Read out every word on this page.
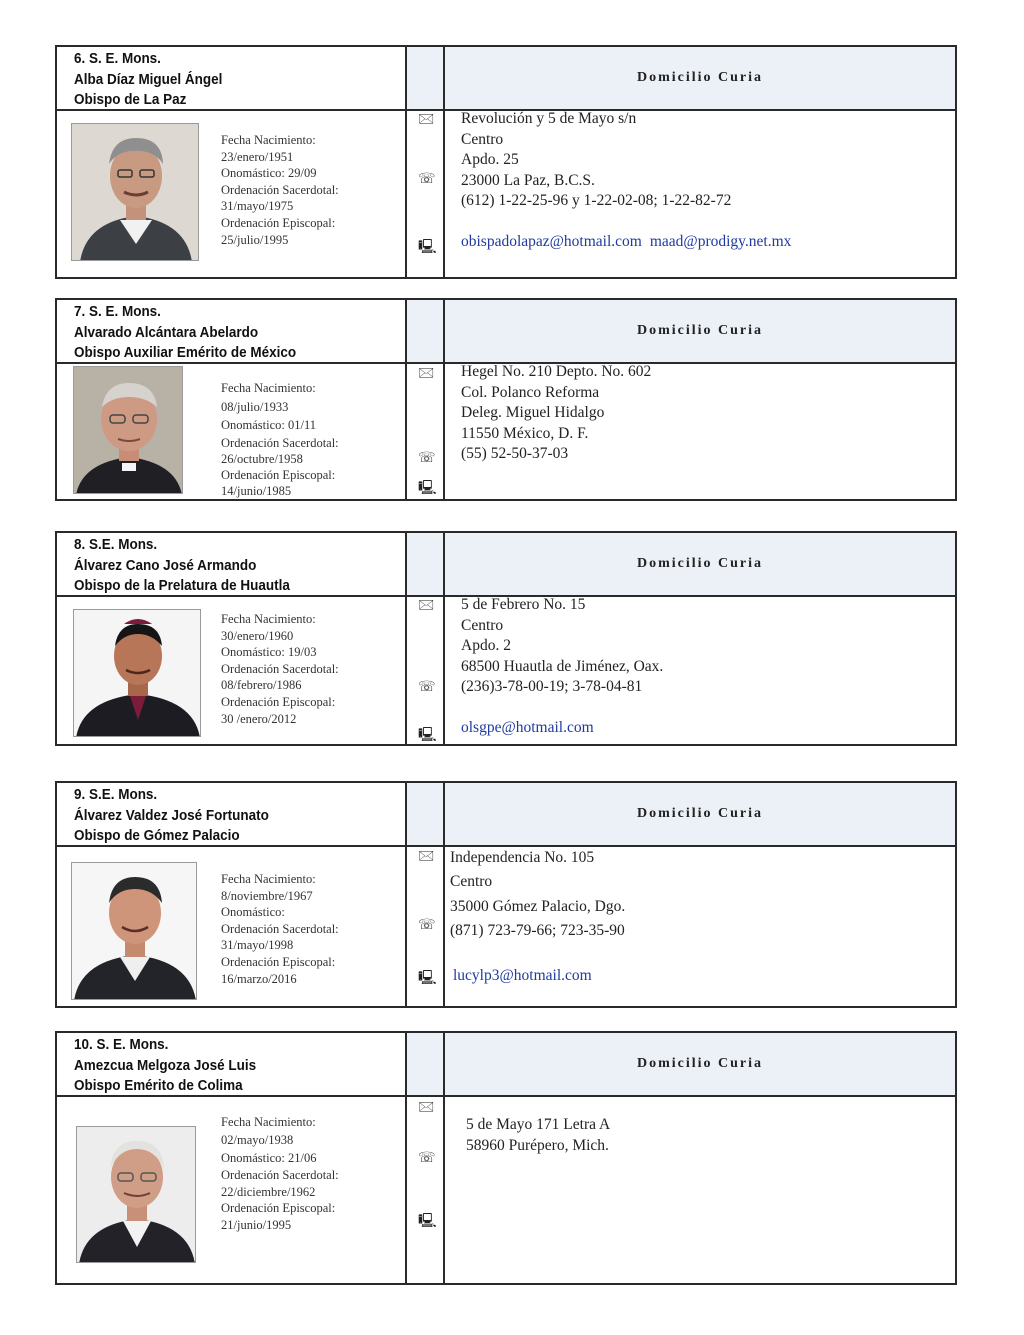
6. S. E. Mons.
Alba Díaz Miguel Ángel
Obispo de La Paz
Domicilio Curia
Fecha Nacimiento:
23/enero/1951
Onomástico: 29/09
Ordenación Sacerdotal:
31/mayo/1975
Ordenación Episcopal:
25/julio/1995
🖂
☏
🖳
Revolución y 5 de Mayo s/n
Centro
Apdo. 25
23000 La Paz, B.C.S.
(612) 1-22-25-96 y 1-22-02-08; 1-22-82-72
obispadolapaz@hotmail.com maad@prodigy.net.mx
7. S. E. Mons.
Alvarado Alcántara Abelardo
Obispo Auxiliar Emérito de México
Domicilio Curia
Fecha Nacimiento:
08/julio/1933
Onomástico: 01/11
Ordenación Sacerdotal:
26/octubre/1958
Ordenación Episcopal:
14/junio/1985
🖂
☏
🖳
Hegel No. 210 Depto. No. 602
Col. Polanco Reforma
Deleg. Miguel Hidalgo
11550 México, D. F.
(55) 52-50-37-03
8. S.E. Mons.
Álvarez Cano José Armando
Obispo de la Prelatura de Huautla
Domicilio Curia
Fecha Nacimiento:
30/enero/1960
Onomástico: 19/03
Ordenación Sacerdotal:
08/febrero/1986
Ordenación Episcopal:
30 /enero/2012
🖂
☏
🖳
5 de Febrero No. 15
Centro
Apdo. 2
68500 Huautla de Jiménez, Oax.
(236)3-78-00-19; 3-78-04-81
olsgpe@hotmail.com
9. S.E. Mons.
Álvarez Valdez José Fortunato
Obispo de Gómez Palacio
Domicilio Curia
Fecha Nacimiento:
8/noviembre/1967
Onomástico:
Ordenación Sacerdotal:
31/mayo/1998
Ordenación Episcopal:
16/marzo/2016
🖂
☏
🖳
Independencia No. 105
Centro
35000 Gómez Palacio, Dgo.
(871) 723-79-66; 723-35-90
lucylp3@hotmail.com
10. S. E. Mons.
Amezcua Melgoza José Luis
Obispo Emérito de Colima
Domicilio Curia
Fecha Nacimiento:
02/mayo/1938
Onomástico: 21/06
Ordenación Sacerdotal:
22/diciembre/1962
Ordenación Episcopal:
21/junio/1995
🖂
☏
🖳
5 de Mayo 171 Letra A
58960 Purépero, Mich.
